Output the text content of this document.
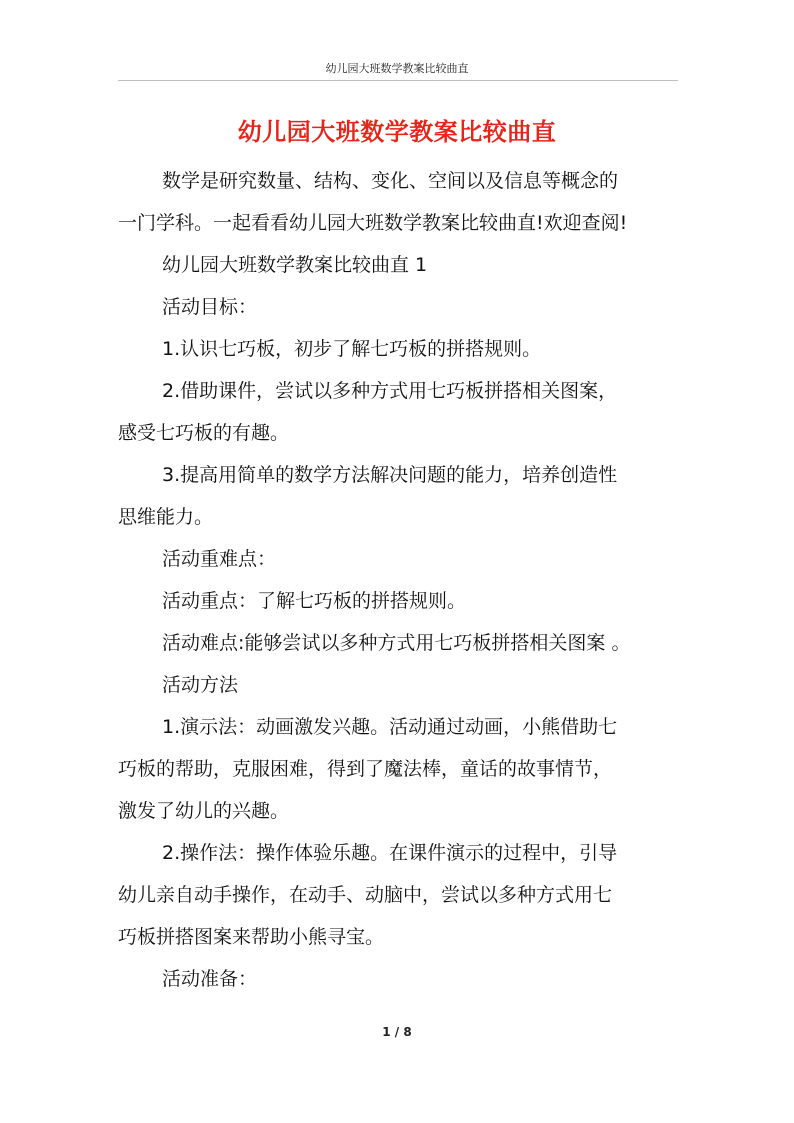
幼儿园大班数学教案比较曲直
幼儿园大班数学教案比较曲直

数学是研究数量、结构、变化、空间以及信息等概念的

一门学科。一起看看幼儿园大班数学教案比较曲直!欢迎查阅!

幼儿园大班数学教案比较曲直 1

活动目标：

1.认识七巧板，初步了解七巧板的拼搭规则。

2.借助课件，尝试以多种方式用七巧板拼搭相关图案，

感受七巧板的有趣。

3.提高用简单的数学方法解决问题的能力，培养创造性

思维能力。

活动重难点：

活动重点：了解七巧板的拼搭规则。

活动难点:能够尝试以多种方式用七巧板拼搭相关图案 。

活动方法

1.演示法：动画激发兴趣。活动通过动画，小熊借助七

巧板的帮助，克服困难，得到了魔法棒，童话的故事情节，

激发了幼儿的兴趣。

2.操作法：操作体验乐趣。在课件演示的过程中，引导

幼儿亲自动手操作，在动手、动脑中，尝试以多种方式用七

巧板拼搭图案来帮助小熊寻宝。

活动准备：

1 / 8
